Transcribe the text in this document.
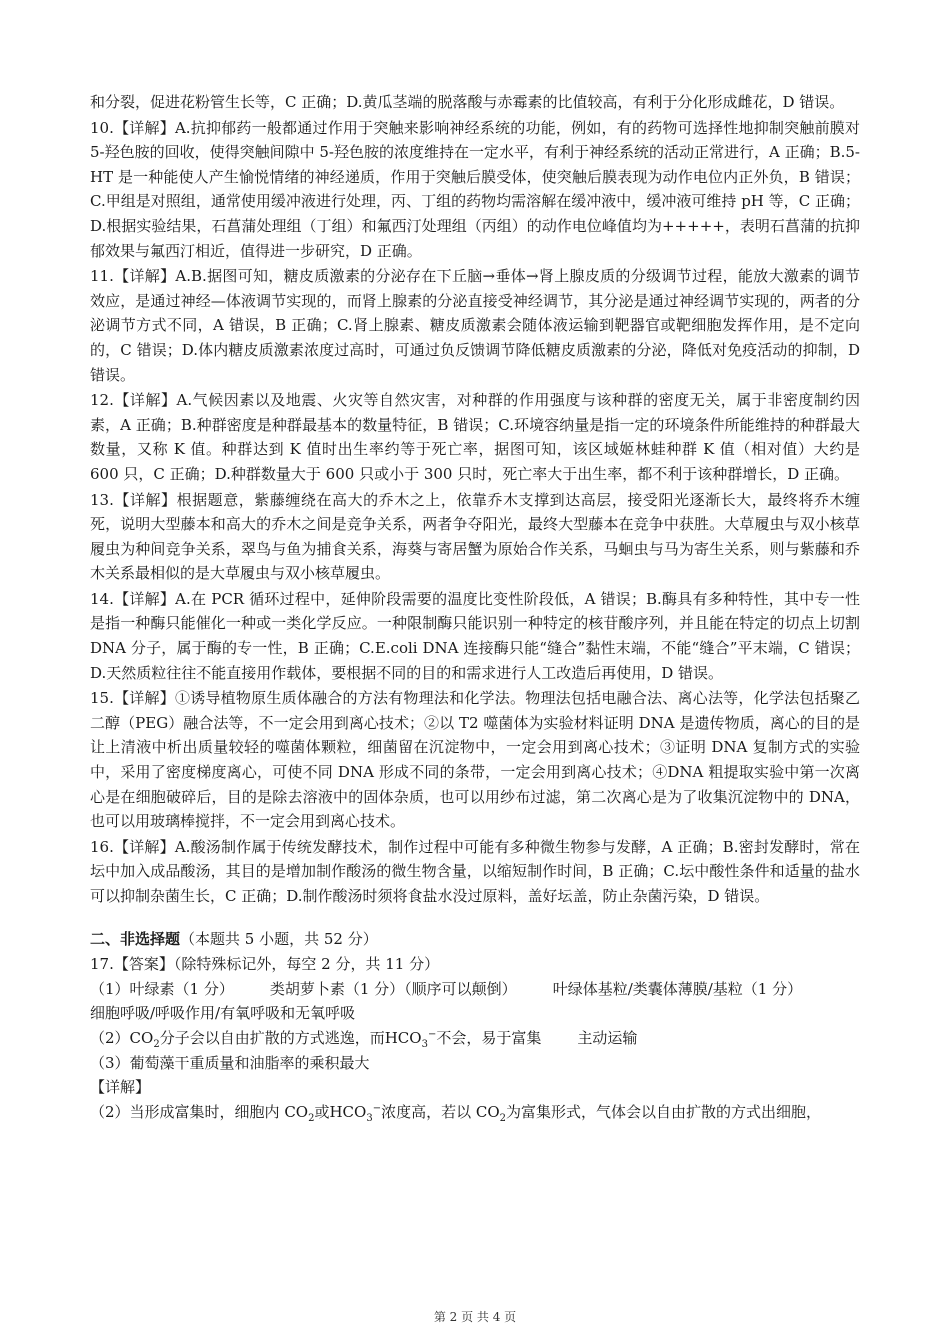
和分裂，促进花粉管生长等，C 正确；D.黄瓜茎端的脱落酸与赤霉素的比值较高，有利于分化形成雌花，D 错误。

10.【详解】A.抗抑郁药一般都通过作用于突触来影响神经系统的功能，例如，有的药物可选择性地抑制突触前膜对 5-羟色胺的回收，使得突触间隙中 5-羟色胺的浓度维持在一定水平，有利于神经系统的活动正常进行，A 正确；B.5-HT 是一种能使人产生愉悦情绪的神经递质，作用于突触后膜受体，使突触后膜表现为动作电位内正外负，B 错误；C.甲组是对照组，通常使用缓冲液进行处理，丙、丁组的药物均需溶解在缓冲液中，缓冲液可维持 pH 等，C 正确；D.根据实验结果，石菖蒲处理组（丁组）和氟西汀处理组（丙组）的动作电位峰值均为+++++，表明石菖蒲的抗抑郁效果与氟西汀相近，值得进一步研究，D 正确。

11.【详解】A.B.据图可知，糖皮质激素的分泌存在下丘脑→垂体→肾上腺皮质的分级调节过程，能放大激素的调节效应，是通过神经—体液调节实现的，而肾上腺素的分泌直接受神经调节，其分泌是通过神经调节实现的，两者的分泌调节方式不同，A 错误，B 正确；C.肾上腺素、糖皮质激素会随体液运输到靶器官或靶细胞发挥作用，是不定向的，C 错误；D.体内糖皮质激素浓度过高时，可通过负反馈调节降低糖皮质激素的分泌，降低对免疫活动的抑制，D 错误。

12.【详解】A.气候因素以及地震、火灾等自然灾害，对种群的作用强度与该种群的密度无关，属于非密度制约因素，A 正确；B.种群密度是种群最基本的数量特征，B 错误；C.环境容纳量是指一定的环境条件所能维持的种群最大数量，又称 K 值。种群达到 K 值时出生率约等于死亡率，据图可知，该区域姬林蛙种群 K 值（相对值）大约是 600 只，C 正确；D.种群数量大于 600 只或小于 300 只时，死亡率大于出生率，都不利于该种群增长，D 正确。

13.【详解】根据题意，紫藤缠绕在高大的乔木之上，依靠乔木支撑到达高层，接受阳光逐渐长大，最终将乔木缠死，说明大型藤本和高大的乔木之间是竞争关系，两者争夺阳光，最终大型藤本在竞争中获胜。大草履虫与双小核草履虫为种间竞争关系，翠鸟与鱼为捕食关系，海葵与寄居蟹为原始合作关系，马蛔虫与马为寄生关系，则与紫藤和乔木关系最相似的是大草履虫与双小核草履虫。

14.【详解】A.在 PCR 循环过程中，延伸阶段需要的温度比变性阶段低，A 错误；B.酶具有多种特性，其中专一性是指一种酶只能催化一种或一类化学反应。一种限制酶只能识别一种特定的核苷酸序列，并且能在特定的切点上切割 DNA 分子，属于酶的专一性，B 正确；C.E.coli DNA 连接酶只能“缝合”黏性末端，不能“缝合”平末端，C 错误；D.天然质粒往往不能直接用作载体，要根据不同的目的和需求进行人工改造后再使用，D 错误。

15.【详解】①诱导植物原生质体融合的方法有物理法和化学法。物理法包括电融合法、离心法等，化学法包括聚乙二醇（PEG）融合法等，不一定会用到离心技术；②以 T2 噬菌体为实验材料证明 DNA 是遗传物质，离心的目的是让上清液中析出质量较轻的噬菌体颗粒，细菌留在沉淀物中，一定会用到离心技术；③证明 DNA 复制方式的实验中，采用了密度梯度离心，可使不同 DNA 形成不同的条带，一定会用到离心技术；④DNA 粗提取实验中第一次离心是在细胞破碎后，目的是除去溶液中的固体杂质，也可以用纱布过滤，第二次离心是为了收集沉淀物中的 DNA，也可以用玻璃棒搅拌，不一定会用到离心技术。

16.【详解】A.酸汤制作属于传统发酵技术，制作过程中可能有多种微生物参与发酵，A 正确；B.密封发酵时，常在坛中加入成品酸汤，其目的是增加制作酸汤的微生物含量，以缩短制作时间，B 正确；C.坛中酸性条件和适量的盐水可以抑制杂菌生长，C 正确；D.制作酸汤时须将食盐水没过原料，盖好坛盖，防止杂菌污染，D 错误。

二、非选择题（本题共 5 小题，共 52 分）

17.【答案】（除特殊标记外，每空 2 分，共 11 分）

（1）叶绿素（1 分） 类胡萝卜素（1 分）（顺序可以颠倒） 叶绿体基粒/类囊体薄膜/基粒（1 分）

细胞呼吸/呼吸作用/有氧呼吸和无氧呼吸

$(2)CO_2$分子会以自由扩散的方式逃逸，而$HCO_3^-$不会，易于富集 主动运输

（3）葡萄藻干重质量和油脂率的乘积最大

【详解】

（2）当形成富集时，细胞内 $CO_2$或$HCO_3^-$浓度高，若以 $CO_2$为富集形式，气体会以自由扩散的方式出细胞，

第 2 页 共 4 页
